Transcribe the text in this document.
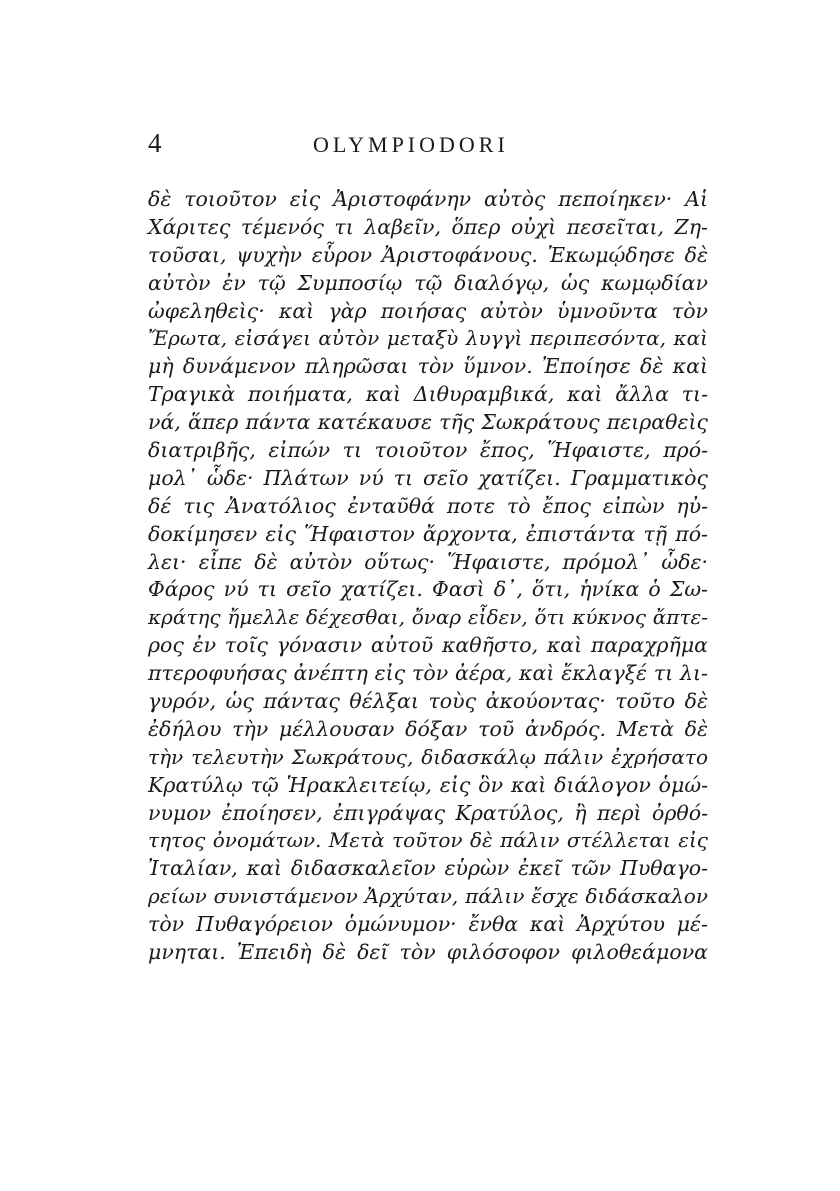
4	OLYMPIODORI
δὲ τοιοῦτον εἰς Ἀριστοφάνην αὐτὸς πεποίηκεν· Αἱ
Χάριτες τέμενός τι λαβεῖν, ὅπερ οὐχὶ πεσεῖται, Ζη-
τοῦσαι, ψυχὴν εὗρον Ἀριστοφάνους. Ἐκωμῴδησε δὲ
αὐτὸν ἐν τῷ Συμποσίῳ τῷ διαλόγῳ, ὡς κωμῳδίαν
ὠφεληθεὶς· καὶ γὰρ ποιήσας αὐτὸν ὑμνοῦντα τὸν
Ἔρωτα, εἰσάγει αὐτὸν μεταξὺ λυγγὶ περιπεσόντα, καὶ
μὴ δυνάμενον πληρῶσαι τὸν ὕμνον. Ἐποίησε δὲ καὶ
Τραγικὰ ποιήματα, καὶ Διθυραμβικά, καὶ ἄλλα τι-
νά, ἅπερ πάντα κατέκαυσε τῆς Σωκράτους πειραθεὶς
διατριβῆς, εἰπών τι τοιοῦτον ἔπος, Ἥφαιστε, πρό-
μολ᾽ ὧδε· Πλάτων νύ τι σεῖο χατίζει. Γραμματικὸς
δέ τις Ἀνατόλιος ἐνταῦθά ποτε τὸ ἔπος εἰπὼν ηὐ-
δοκίμησεν εἰς Ἥφαιστον ἄρχοντα, ἐπιστάντα τῇ πό-
λει· εἶπε δὲ αὐτὸν οὕτως· Ἥφαιστε, πρόμολ᾽ ὧδε·
Φάρος νύ τι σεῖο χατίζει. Φασὶ δ᾽, ὅτι, ἡνίκα ὁ Σω-
κράτης ἤμελλε δέχεσθαι, ὄναρ εἶδεν, ὅτι κύκνος ἄπτε-
ρος ἐν τοῖς γόνασιν αὐτοῦ καθῆστο, καὶ παραχρῆμα
πτεροφυήσας ἀνέπτη εἰς τὸν ἀέρα, καὶ ἔκλαγξέ τι λι-
γυρόν, ὡς πάντας θέλξαι τοὺς ἀκούοντας· τοῦτο δὲ
ἐδήλου τὴν μέλλουσαν δόξαν τοῦ ἀνδρός. Μετὰ δὲ
τὴν τελευτὴν Σωκράτους, διδασκάλῳ πάλιν ἐχρήσατο
Κρατύλῳ τῷ Ἡρακλειτείῳ, εἰς ὃν καὶ διάλογον ὁμώ-
νυμον ἐποίησεν, ἐπιγράψας Κρατύλος, ἢ περὶ ὀρθό-
τητος ὀνομάτων. Μετὰ τοῦτον δὲ πάλιν στέλλεται εἰς
Ἰταλίαν, καὶ διδασκαλεῖον εὑρὼν ἐκεῖ τῶν Πυθαγο-
ρείων συνιστάμενον Ἀρχύταν, πάλιν ἔσχε διδάσκαλον
τὸν Πυθαγόρειον ὁμώνυμον· ἔνθα καὶ Ἀρχύτου μέ-
μνηται. Ἐπειδὴ δὲ δεῖ τὸν φιλόσοφον φιλοθεάμονα
